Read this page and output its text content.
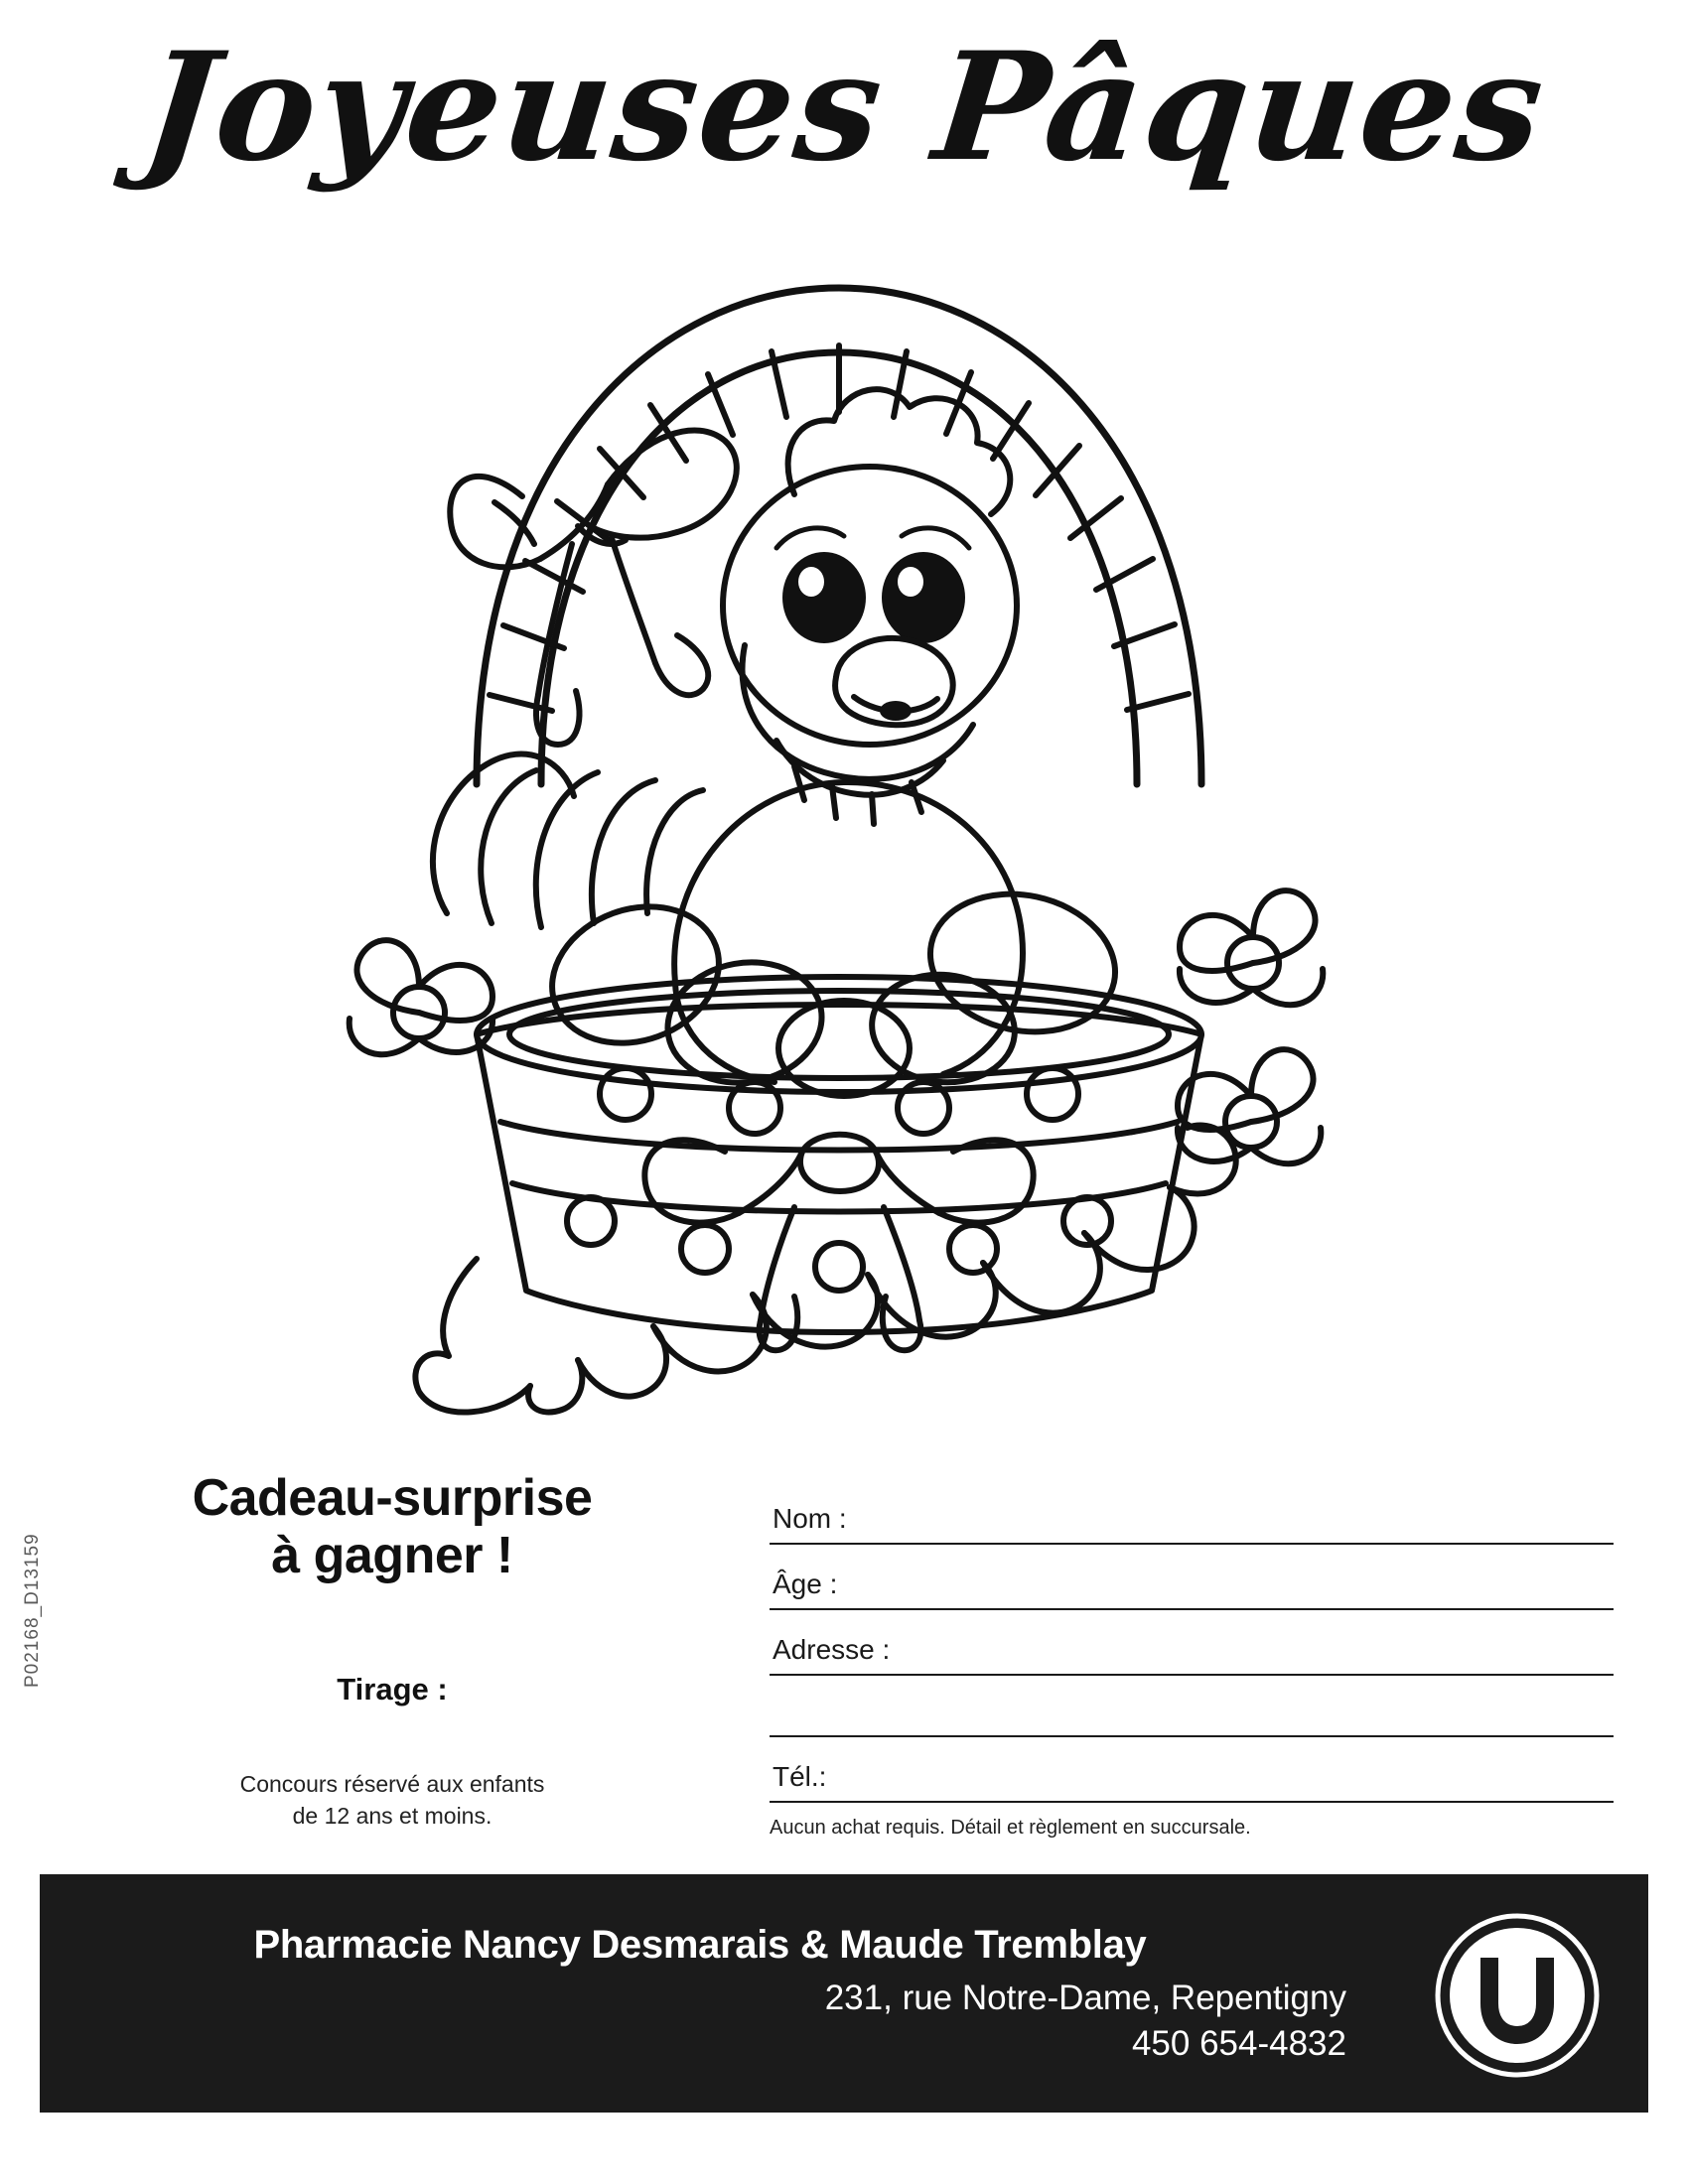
Joyeuses Pâques
Cadeau-surprise
à gagner !
Tirage :
Concours réservé aux enfants
de 12 ans et moins.
P02168_D13159
Nom :
Âge :
Adresse :
Tél.:
Aucun achat requis. Détail et règlement en succursale.
Pharmacie Nancy Desmarais & Maude Tremblay
231, rue Notre-Dame, Repentigny
450 654-4832
